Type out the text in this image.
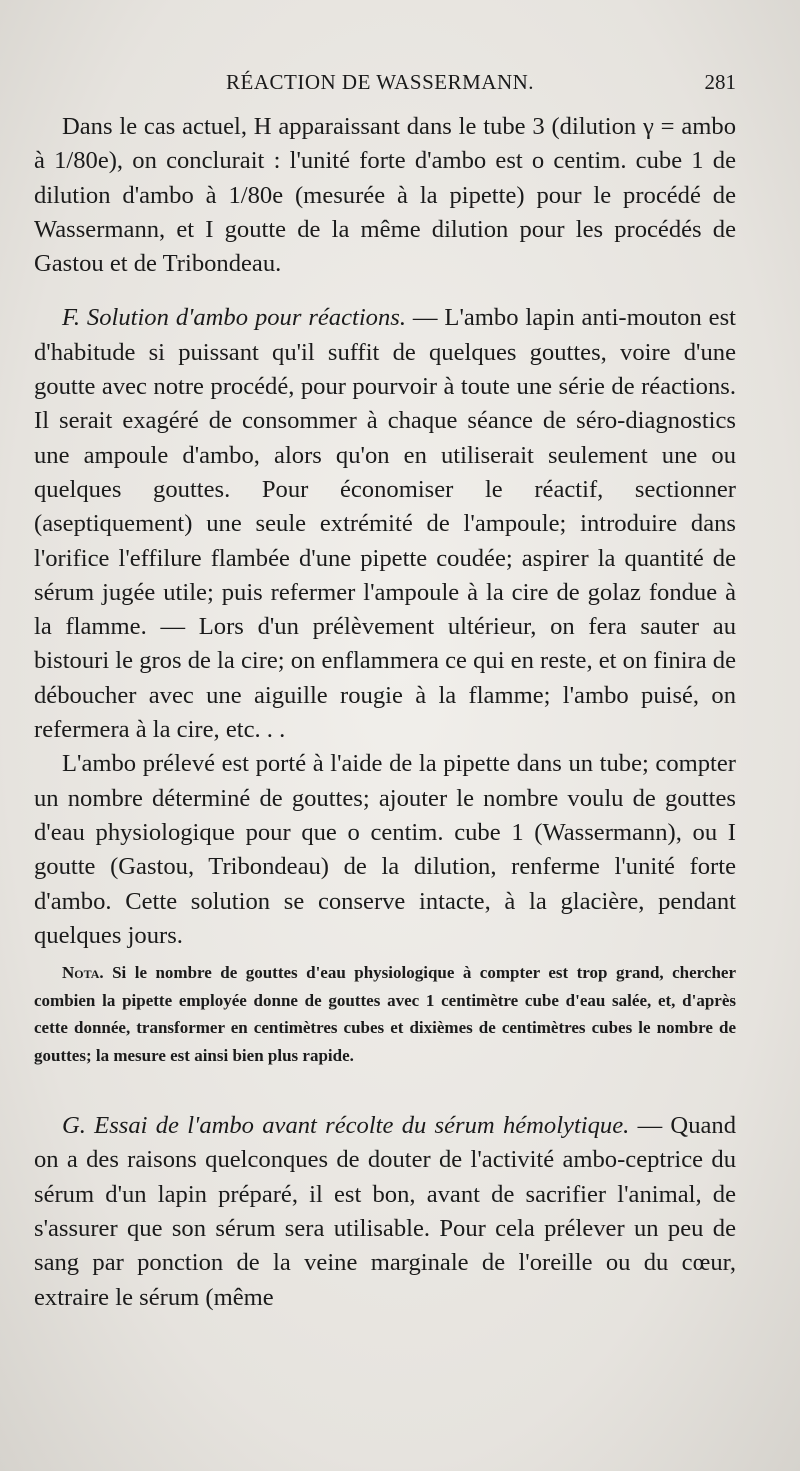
RÉACTION DE WASSERMANN.	281

Dans le cas actuel, H apparaissant dans le tube 3 (dilution γ = ambo à 1/80e), on conclurait : l'unité forte d'ambo est o centim. cube 1 de dilution d'ambo à 1/80e (mesurée à la pipette) pour le procédé de Wassermann, et I goutte de la même dilution pour les procédés de Gastou et de Tribondeau.

F. Solution d'ambo pour réactions. — L'ambo lapin anti-mouton est d'habitude si puissant qu'il suffit de quelques gouttes, voire d'une goutte avec notre procédé, pour pourvoir à toute une série de réactions. Il serait exagéré de consommer à chaque séance de séro-diagnostics une ampoule d'ambo, alors qu'on en utiliserait seulement une ou quelques gouttes. Pour économiser le réactif, sectionner (aseptiquement) une seule extrémité de l'ampoule; introduire dans l'orifice l'effilure flambée d'une pipette coudée; aspirer la quantité de sérum jugée utile; puis refermer l'ampoule à la cire de golaz fondue à la flamme. — Lors d'un prélèvement ultérieur, on fera sauter au bistouri le gros de la cire; on enflammera ce qui en reste, et on finira de déboucher avec une aiguille rougie à la flamme; l'ambo puisé, on refermera à la cire, etc. . .

L'ambo prélevé est porté à l'aide de la pipette dans un tube; compter un nombre déterminé de gouttes; ajouter le nombre voulu de gouttes d'eau physiologique pour que o centim. cube 1 (Wassermann), ou I goutte (Gastou, Tribondeau) de la dilution, renferme l'unité forte d'ambo. Cette solution se conserve intacte, à la glacière, pendant quelques jours.

Nota. Si le nombre de gouttes d'eau physiologique à compter est trop grand, chercher combien la pipette employée donne de gouttes avec 1 centimètre cube d'eau salée, et, d'après cette donnée, transformer en centimètres cubes et dixièmes de centimètres cubes le nombre de gouttes; la mesure est ainsi bien plus rapide.

G. Essai de l'ambo avant récolte du sérum hémolytique. — Quand on a des raisons quelconques de douter de l'activité ambo-ceptrice du sérum d'un lapin préparé, il est bon, avant de sacrifier l'animal, de s'assurer que son sérum sera utilisable. Pour cela prélever un peu de sang par ponction de la veine marginale de l'oreille ou du cœur, extraire le sérum (même
